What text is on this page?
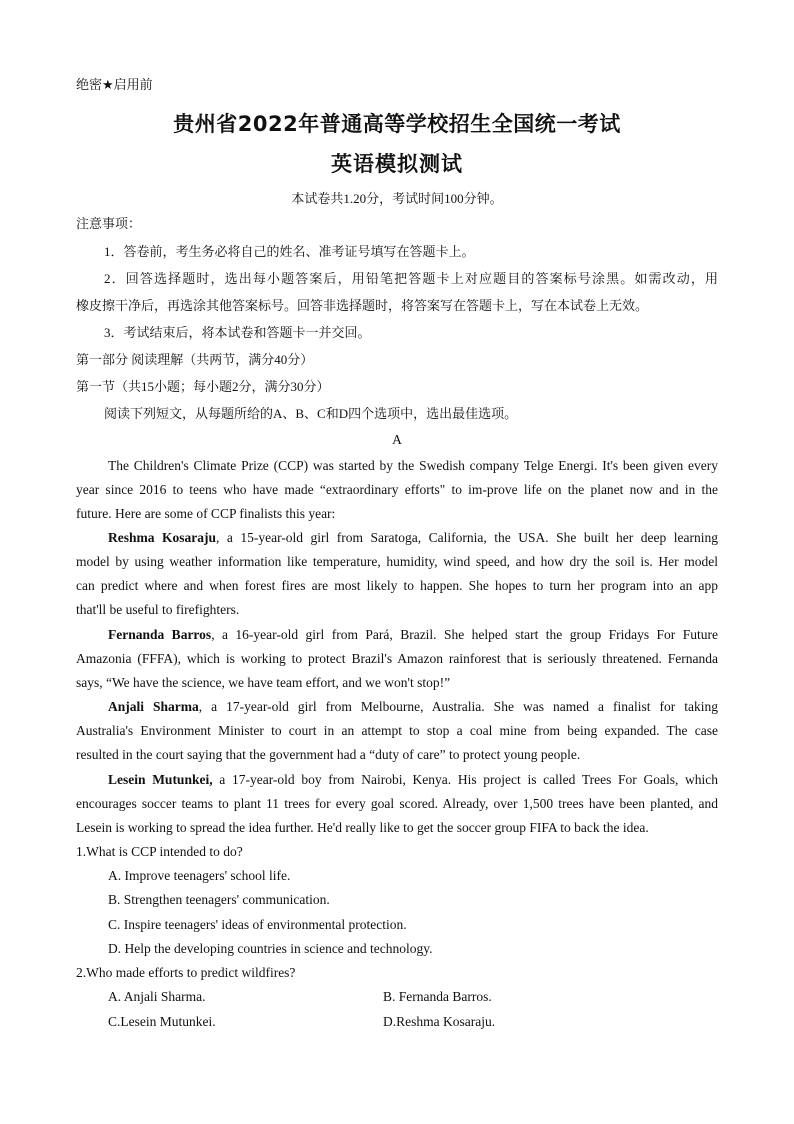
绝密★启用前
贵州省2022年普通高等学校招生全国统一考试
英语模拟测试
本试卷共1.20分，考试时间100分钟。
注意事项：
1．答卷前，考生务必将自己的姓名、准考证号填写在答题卡上。
2．回答选择题时，选出每小题答案后，用铅笔把答题卡上对应题目的答案标号涂黑。如需改动，用
橡皮擦干净后，再选涂其他答案标号。回答非选择题时，将答案写在答题卡上，写在本试卷上无效。
3．考试结束后，将本试卷和答题卡一并交回。
第一部分 阅读理解（共两节，满分40分）
第一节（共15小题；每小题2分，满分30分）
阅读下列短文，从每题所给的A、B、C和D四个选项中，选出最佳选项。
A
The Children's Climate Prize (CCP) was started by the Swedish company Telge Energi. It's been given every
year since 2016 to teens who have made “extraordinary efforts" to im-prove life on the planet now and in the
future. Here are some of CCP finalists this year:
Reshma Kosaraju, a 15-year-old girl from Saratoga, California, the USA. She built her deep learning
model by using weather information like temperature, humidity, wind speed, and how dry the soil is. Her model
can predict where and when forest fires are most likely to happen. She hopes to turn her program into an app
that'll be useful to firefighters.
Fernanda Barros, a 16-year-old girl from Pará, Brazil. She helped start the group Fridays For Future
Amazonia (FFFA), which is working to protect Brazil's Amazon rainforest that is seriously threatened. Fernanda
says, “We have the science, we have team effort, and we won't stop!”
Anjali Sharma, a 17-year-old girl from Melbourne, Australia. She was named a finalist for taking
Australia's Environment Minister to court in an attempt to stop a coal mine from being expanded. The case
resulted in the court saying that the government had a “duty of care” to protect young people.
Lesein Mutunkei, a 17-year-old boy from Nairobi, Kenya. His project is called Trees For Goals, which
encourages soccer teams to plant 11 trees for every goal scored. Already, over 1,500 trees have been planted, and
Lesein is working to spread the idea further. He'd really like to get the soccer group FIFA to back the idea.
1.What is CCP intended to do?
A. Improve teenagers' school life.
B. Strengthen teenagers' communication.
C. Inspire teenagers' ideas of environmental protection.
D. Help the developing countries in science and technology.
2.Who made efforts to predict wildfires?
A. Anjali Sharma.	B. Fernanda Barros.
C.Lesein Mutunkei.	D.Reshma Kosaraju.
